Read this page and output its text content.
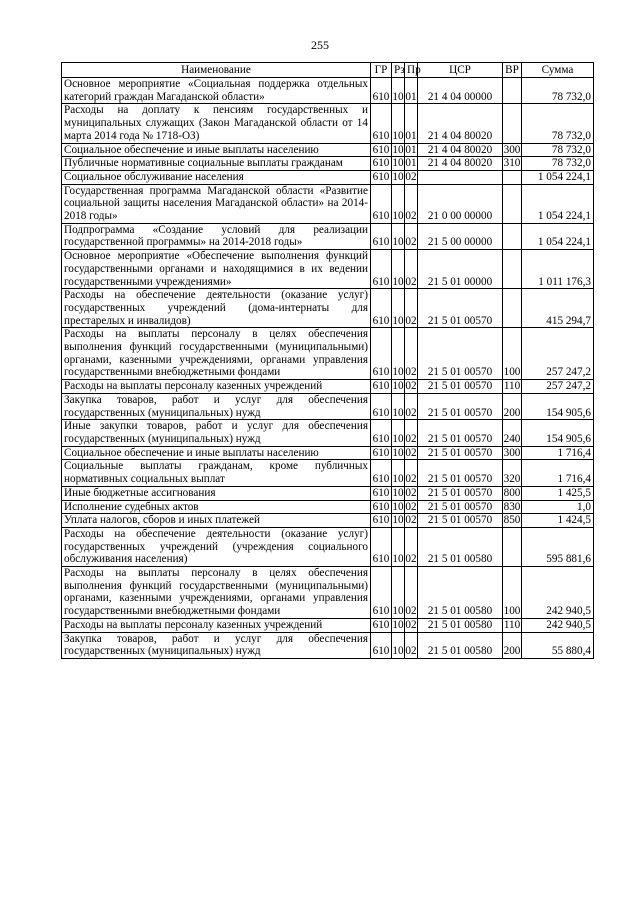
255
Наименование	ГР	Рз	Пр	ЦСР	ВР	Сумма
Основное мероприятие «Социальная поддержка отдельных категорий граждан Магаданской области»	610	10	01	21 4 04 00000		78 732,0
Расходы на доплату к пенсиям государственных и муниципальных служащих (Закон Магаданской области от 14 марта 2014 года № 1718-ОЗ)	610	10	01	21 4 04 80020		78 732,0
Социальное обеспечение и иные выплаты населению	610	10	01	21 4 04 80020	300	78 732,0
Публичные нормативные социальные выплаты гражданам	610	10	01	21 4 04 80020	310	78 732,0
Социальное обслуживание населения	610	10	02			1 054 224,1
Государственная программа Магаданской области «Развитие социальной защиты населения Магаданской области» на 2014-2018 годы»	610	10	02	21 0 00 00000		1 054 224,1
Подпрограмма «Создание условий для реализации государственной программы» на 2014-2018 годы»	610	10	02	21 5 00 00000		1 054 224,1
Основное мероприятие «Обеспечение выполнения функций государственными органами и находящимися в их ведении государственными учреждениями»	610	10	02	21 5 01 00000		1 011 176,3
Расходы на обеспечение деятельности (оказание услуг) государственных учреждений (дома-интернаты для престарелых и инвалидов)	610	10	02	21 5 01 00570		415 294,7
Расходы на выплаты персоналу в целях обеспечения выполнения функций государственными (муниципальными) органами, казенными учреждениями, органами управления государственными внебюджетными фондами	610	10	02	21 5 01 00570	100	257 247,2
Расходы на выплаты персоналу казенных учреждений	610	10	02	21 5 01 00570	110	257 247,2
Закупка товаров, работ и услуг для обеспечения государственных (муниципальных) нужд	610	10	02	21 5 01 00570	200	154 905,6
Иные закупки товаров, работ и услуг для обеспечения государственных (муниципальных) нужд	610	10	02	21 5 01 00570	240	154 905,6
Социальное обеспечение и иные выплаты населению	610	10	02	21 5 01 00570	300	1 716,4
Социальные выплаты гражданам, кроме публичных нормативных социальных выплат	610	10	02	21 5 01 00570	320	1 716,4
Иные бюджетные ассигнования	610	10	02	21 5 01 00570	800	1 425,5
Исполнение судебных актов	610	10	02	21 5 01 00570	830	1,0
Уплата налогов, сборов и иных платежей	610	10	02	21 5 01 00570	850	1 424,5
Расходы на обеспечение деятельности (оказание услуг) государственных учреждений (учреждения социального обслуживания населения)	610	10	02	21 5 01 00580		595 881,6
Расходы на выплаты персоналу в целях обеспечения выполнения функций государственными (муниципальными) органами, казенными учреждениями, органами управления государственными внебюджетными фондами	610	10	02	21 5 01 00580	100	242 940,5
Расходы на выплаты персоналу казенных учреждений	610	10	02	21 5 01 00580	110	242 940,5
Закупка товаров, работ и услуг для обеспечения государственных (муниципальных) нужд	610	10	02	21 5 01 00580	200	55 880,4
